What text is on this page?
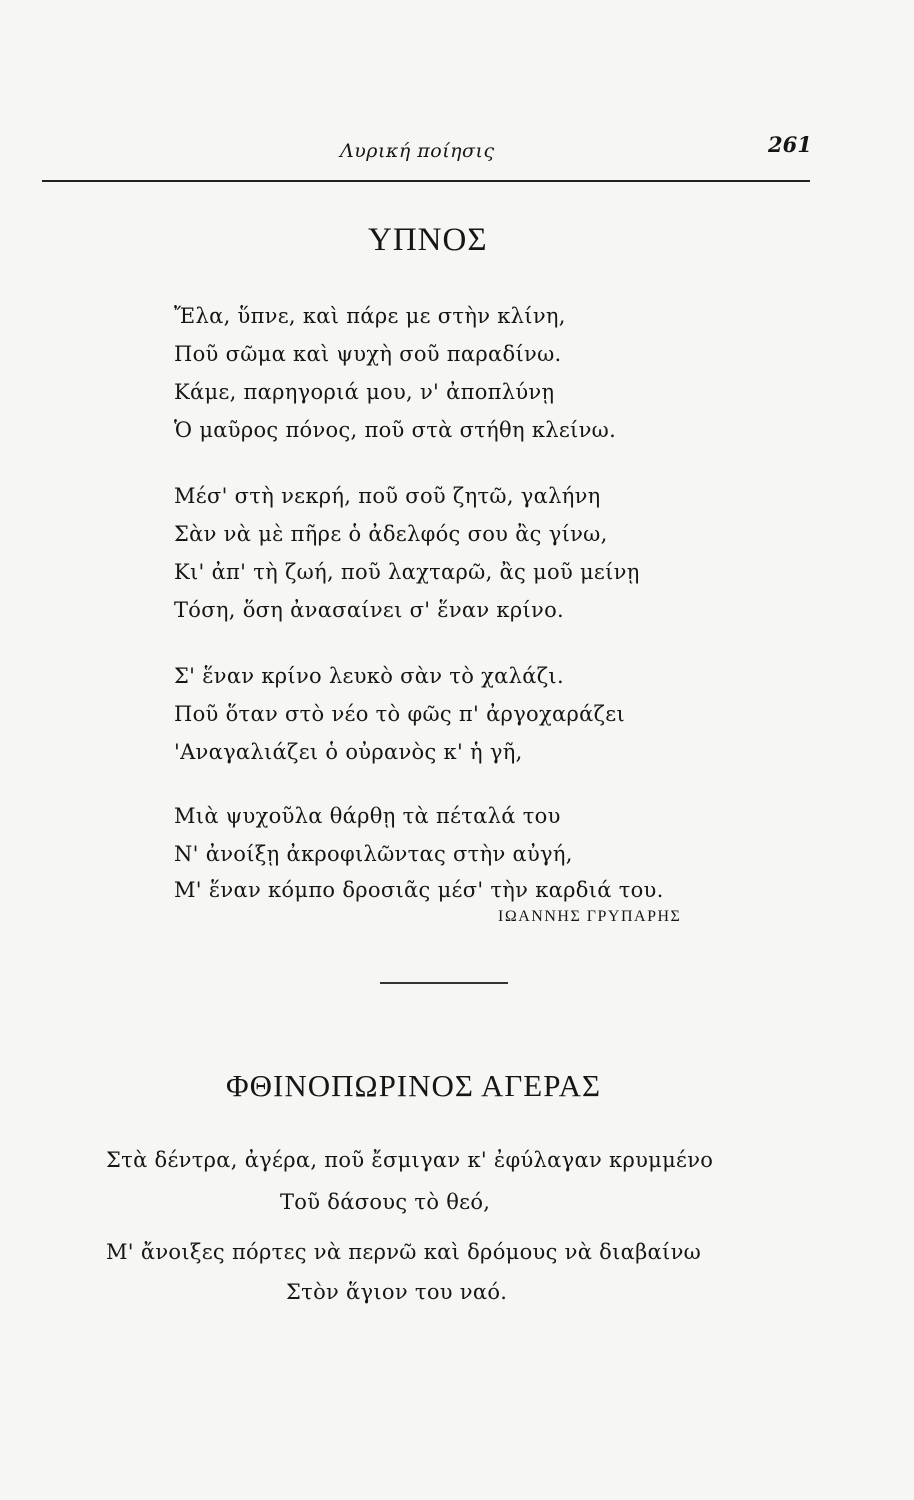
Λυρική ποίησις	261
ΥΠΝΟΣ
Ἔλα, ὕπνε, καὶ πάρε με στὴν κλίνη,
Ποῦ σῶμα καὶ ψυχὴ σοῦ παραδίνω.
Κάμε, παρηγοριά μου, ν' ἀποπλύνῃ
Ὁ μαῦρος πόνος, ποῦ στὰ στήθη κλείνω.
Μέσ' στὴ νεκρή, ποῦ σοῦ ζητῶ, γαλήνη
Σὰν νὰ μὲ πῆρε ὁ ἀδελφός σου ἂς γίνω,
Κι' ἀπ' τὴ ζωή, ποῦ λαχταρῶ, ἂς μοῦ μείνῃ
Τόση, ὅση ἀνασαίνει σ' ἕναν κρίνο.
Σ' ἕναν κρίνο λευκὸ σὰν τὸ χαλάζι.
Ποῦ ὅταν στὸ νέο τὸ φῶς π' ἀργοχαράζει
'Αναγαλιάζει ὁ οὐρανὸς κ' ἡ γῆ,
Μιὰ ψυχοῦλα θάρθῃ τὰ πέταλά του
Ν' ἀνοίξῃ ἀκροφιλῶντας στὴν αὐγή,
Μ' ἕναν κόμπο δροσιᾶς μέσ' τὴν καρδιά του.
ΙΩΑΝΝΗΣ ΓΡΥΠΑΡΗΣ
ΦΘΙΝΟΠΩΡΙΝΟΣ ΑΓΕΡΑΣ
Στὰ δέντρα, ἀγέρα, ποῦ ἔσμιγαν κ' ἐφύλαγαν κρυμμένο
Τοῦ δάσους τὸ θεό,
Μ' ἄνοιξες πόρτες νὰ περνῶ καὶ δρόμους νὰ διαβαίνω
Στὸν ἅγιον του ναό.
